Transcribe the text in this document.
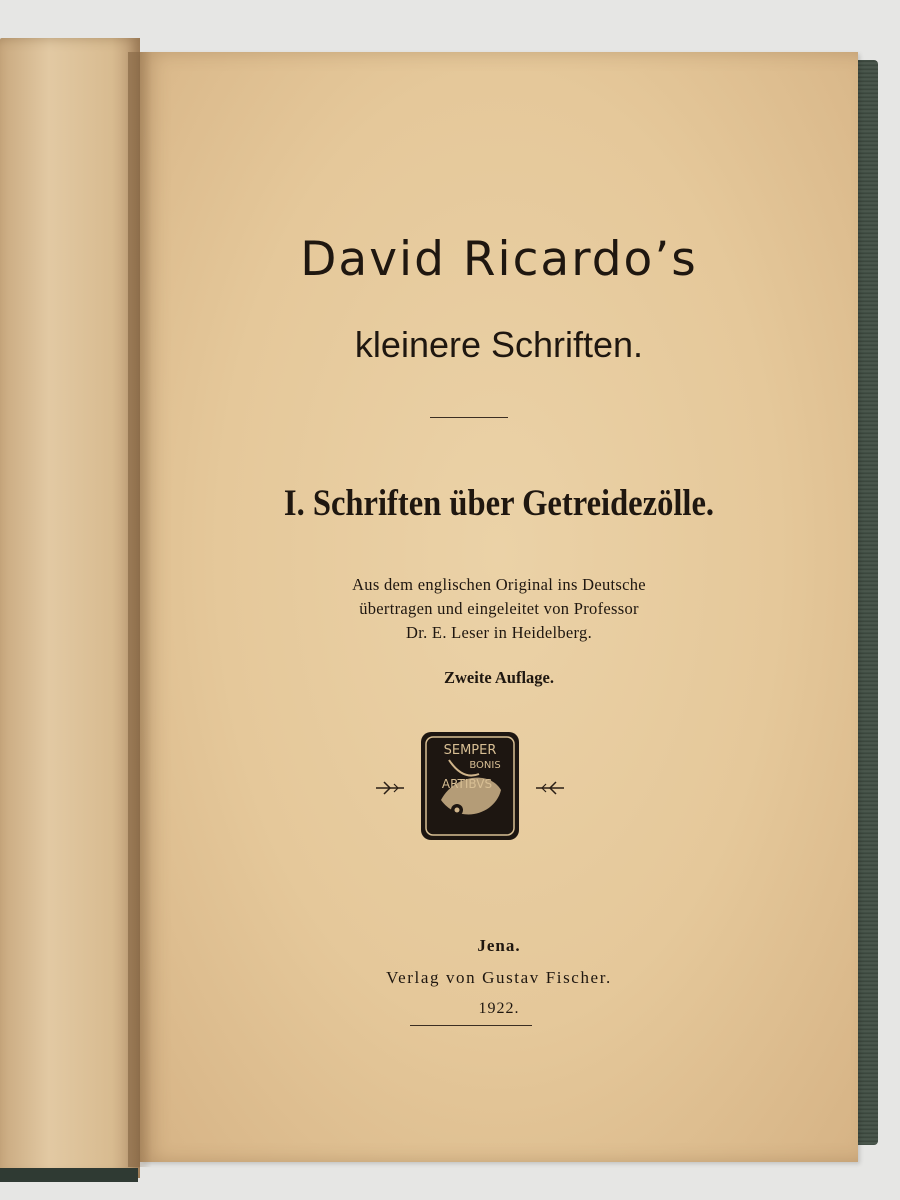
David Ricardo’s
kleinere Schriften.
I. Schriften über Getreidezölle.
Aus dem englischen Original ins Deutsche
übertragen und eingeleitet von Professor
Dr. E. Leser in Heidelberg.
Zweite Auflage.
SEMPER
BONIS
ARTIBVS
Jena.
Verlag von Gustav Fischer.
1922.
